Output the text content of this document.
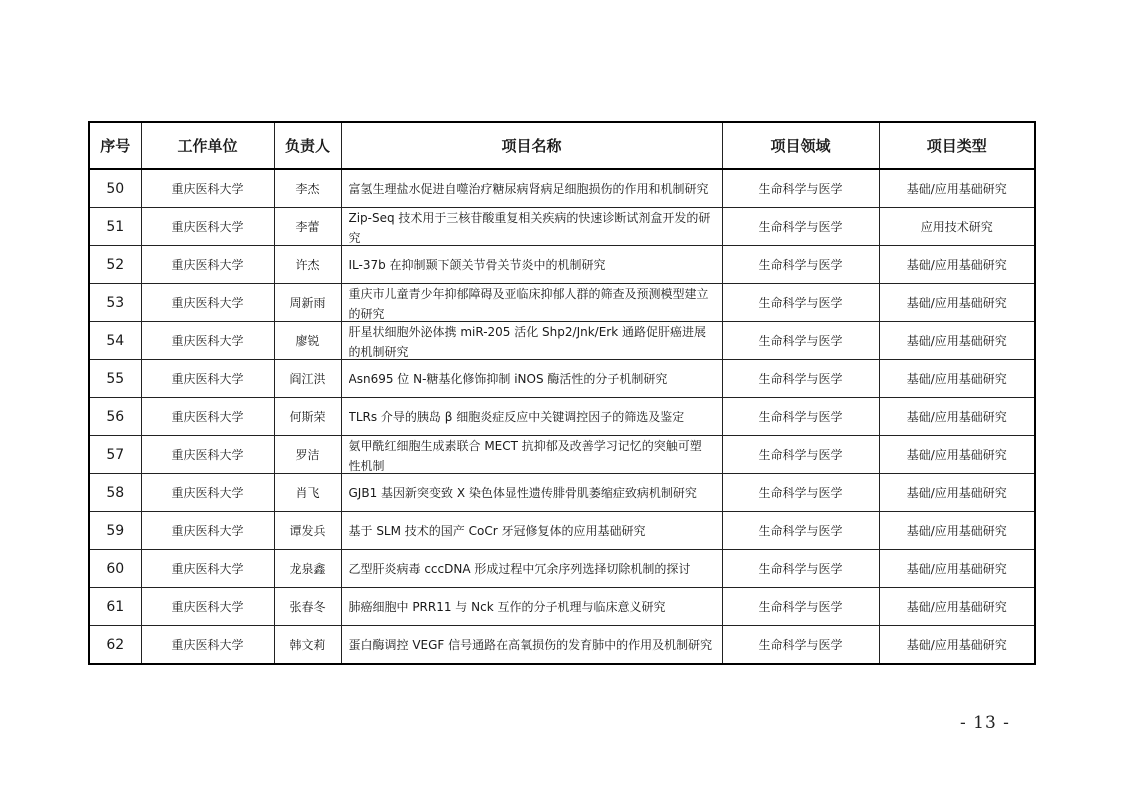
序号	工作单位	负责人	项目名称	项目领域	项目类型
50	重庆医科大学	李杰	富氢生理盐水促进自噬治疗糖尿病肾病足细胞损伤的作用和机制研究	生命科学与医学	基础/应用基础研究
51	重庆医科大学	李蕾	Zip-Seq 技术用于三核苷酸重复相关疾病的快速诊断试剂盒开发的研究	生命科学与医学	应用技术研究
52	重庆医科大学	许杰	IL-37b 在抑制颞下颌关节骨关节炎中的机制研究	生命科学与医学	基础/应用基础研究
53	重庆医科大学	周新雨	重庆市儿童青少年抑郁障碍及亚临床抑郁人群的筛查及预测模型建立的研究	生命科学与医学	基础/应用基础研究
54	重庆医科大学	廖锐	肝星状细胞外泌体携 miR-205 活化 Shp2/Jnk/Erk 通路促肝癌进展的机制研究	生命科学与医学	基础/应用基础研究
55	重庆医科大学	阎江洪	Asn695 位 N-糖基化修饰抑制 iNOS 酶活性的分子机制研究	生命科学与医学	基础/应用基础研究
56	重庆医科大学	何斯荣	TLRs 介导的胰岛 β 细胞炎症反应中关键调控因子的筛选及鉴定	生命科学与医学	基础/应用基础研究
57	重庆医科大学	罗洁	氨甲酰红细胞生成素联合 MECT 抗抑郁及改善学习记忆的突触可塑性机制	生命科学与医学	基础/应用基础研究
58	重庆医科大学	肖飞	GJB1 基因新突变致 X 染色体显性遗传腓骨肌萎缩症致病机制研究	生命科学与医学	基础/应用基础研究
59	重庆医科大学	谭发兵	基于 SLM 技术的国产 CoCr 牙冠修复体的应用基础研究	生命科学与医学	基础/应用基础研究
60	重庆医科大学	龙泉鑫	乙型肝炎病毒 cccDNA 形成过程中冗余序列选择切除机制的探讨	生命科学与医学	基础/应用基础研究
61	重庆医科大学	张春冬	肺癌细胞中 PRR11 与 Nck 互作的分子机理与临床意义研究	生命科学与医学	基础/应用基础研究
62	重庆医科大学	韩文莉	蛋白酶调控 VEGF 信号通路在高氧损伤的发育肺中的作用及机制研究	生命科学与医学	基础/应用基础研究
- 13 -
